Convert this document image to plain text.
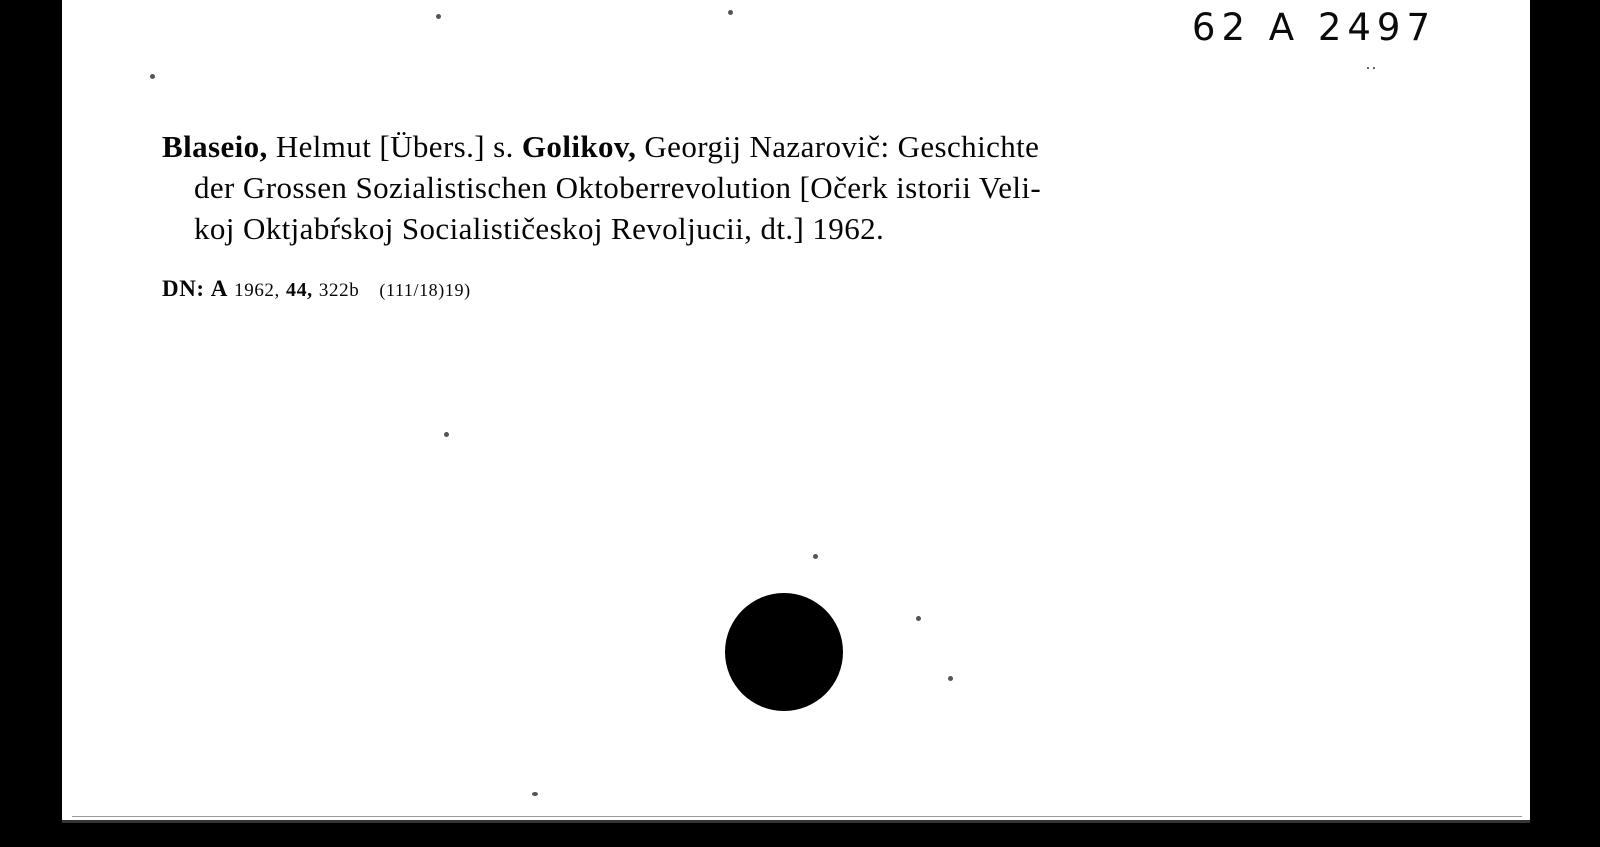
62 A 2497
..
Blaseio, Helmut [Übers.] s. Golikov, Georgij Nazarovič: Geschichte
der Grossen Sozialistischen Oktoberrevolution [Očerk istorii Veli-
koj Oktjabŕskoj Socialističeskoj Revoljucii, dt.] 1962.
DN: A 1962, 44, 322b (111/18)19)
